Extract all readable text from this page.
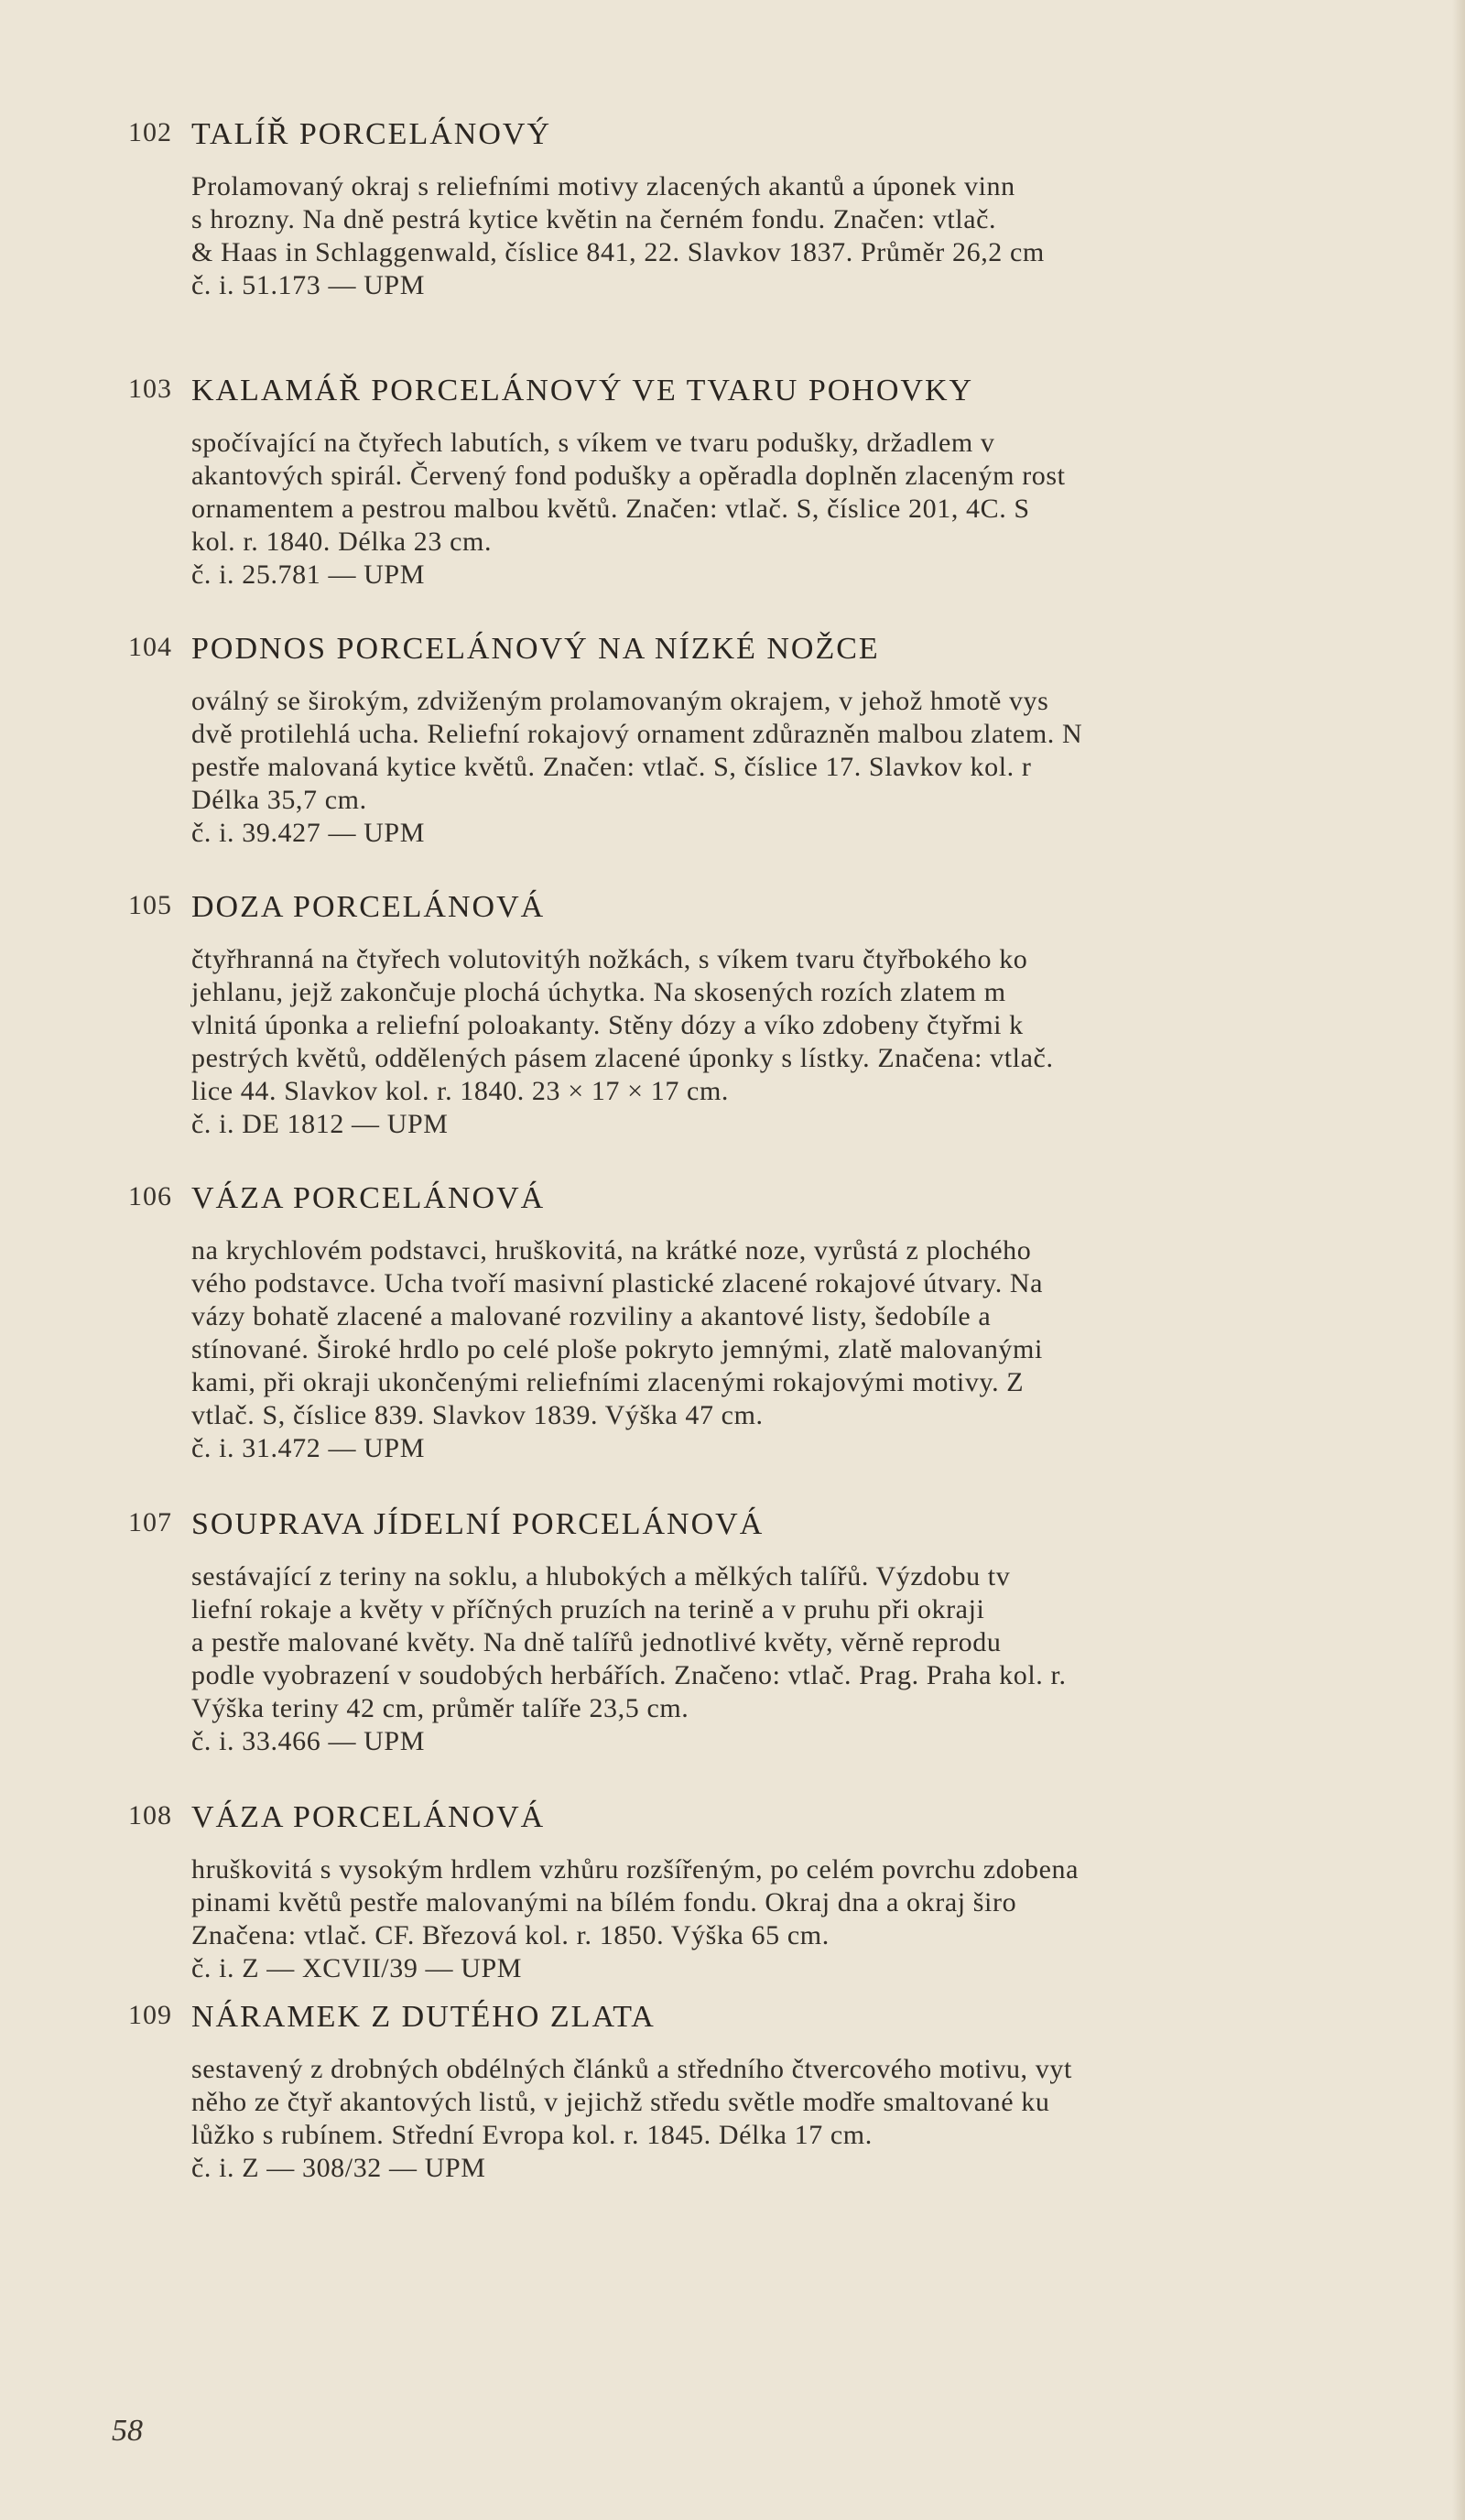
102 TALÍŘ PORCELÁNOVÝ

Prolamovaný okraj s reliefními motivy zlacených akantů a úponek vinn

s hrozny. Na dně pestrá kytice květin na černém fondu. Značen: vtlač.

& Haas in Schlaggenwald, číslice 841, 22. Slavkov 1837. Průměr 26,2 cm

č. i. 51.173 — UPM

103 KALAMÁŘ PORCELÁNOVÝ VE TVARU POHOVKY

spočívající na čtyřech labutích, s víkem ve tvaru podušky, držadlem v

akantových spirál. Červený fond podušky a opěradla doplněn zlaceným rost

ornamentem a pestrou malbou květů. Značen: vtlač. S, číslice 201, 4C. S

kol. r. 1840. Délka 23 cm.

č. i. 25.781 — UPM

104 PODNOS PORCELÁNOVÝ NA NÍZKÉ NOŽCE

oválný se širokým, zdviženým prolamovaným okrajem, v jehož hmotě vys

dvě protilehlá ucha. Reliefní rokajový ornament zdůrazněn malbou zlatem. N

pestře malovaná kytice květů. Značen: vtlač. S, číslice 17. Slavkov kol. r

Délka 35,7 cm.

č. i. 39.427 — UPM

105 DOZA PORCELÁNOVÁ

čtyřhranná na čtyřech volutovitýh nožkách, s víkem tvaru čtyřbokého ko

jehlanu, jejž zakončuje plochá úchytka. Na skosených rozích zlatem m

vlnitá úponka a reliefní poloakanty. Stěny dózy a víko zdobeny čtyřmi k

pestrých květů, oddělených pásem zlacené úponky s lístky. Značena: vtlač.

lice 44. Slavkov kol. r. 1840. 23 × 17 × 17 cm.

č. i. DE 1812 — UPM

106 VÁZA PORCELÁNOVÁ

na krychlovém podstavci, hruškovitá, na krátké noze, vyrůstá z plochého

vého podstavce. Ucha tvoří masivní plastické zlacené rokajové útvary. Na

vázy bohatě zlacené a malované rozviliny a akantové listy, šedobíle a

stínované. Široké hrdlo po celé ploše pokryto jemnými, zlatě malovanými

kami, při okraji ukončenými reliefními zlacenými rokajovými motivy. Z

vtlač. S, číslice 839. Slavkov 1839. Výška 47 cm.

č. i. 31.472 — UPM

107 SOUPRAVA JÍDELNÍ PORCELÁNOVÁ

sestávající z teriny na soklu, a hlubokých a mělkých talířů. Výzdobu tv

liefní rokaje a květy v příčných pruzích na terině a v pruhu při okraji

a pestře malované květy. Na dně talířů jednotlivé květy, věrně reprodu

podle vyobrazení v soudobých herbářích. Značeno: vtlač. Prag. Praha kol. r.

Výška teriny 42 cm, průměr talíře 23,5 cm.

č. i. 33.466 — UPM

108 VÁZA PORCELÁNOVÁ

hruškovitá s vysokým hrdlem vzhůru rozšířeným, po celém povrchu zdobena

pinami květů pestře malovanými na bílém fondu. Okraj dna a okraj širo

Značena: vtlač. CF. Březová kol. r. 1850. Výška 65 cm.

č. i. Z — XCVII/39 — UPM

109 NÁRAMEK Z DUTÉHO ZLATA

sestavený z drobných obdélných článků a středního čtvercového motivu, vyt

něho ze čtyř akantových listů, v jejichž středu světle modře smaltované ku

lůžko s rubínem. Střední Evropa kol. r. 1845. Délka 17 cm.

č. i. Z — 308/32 — UPM

58
